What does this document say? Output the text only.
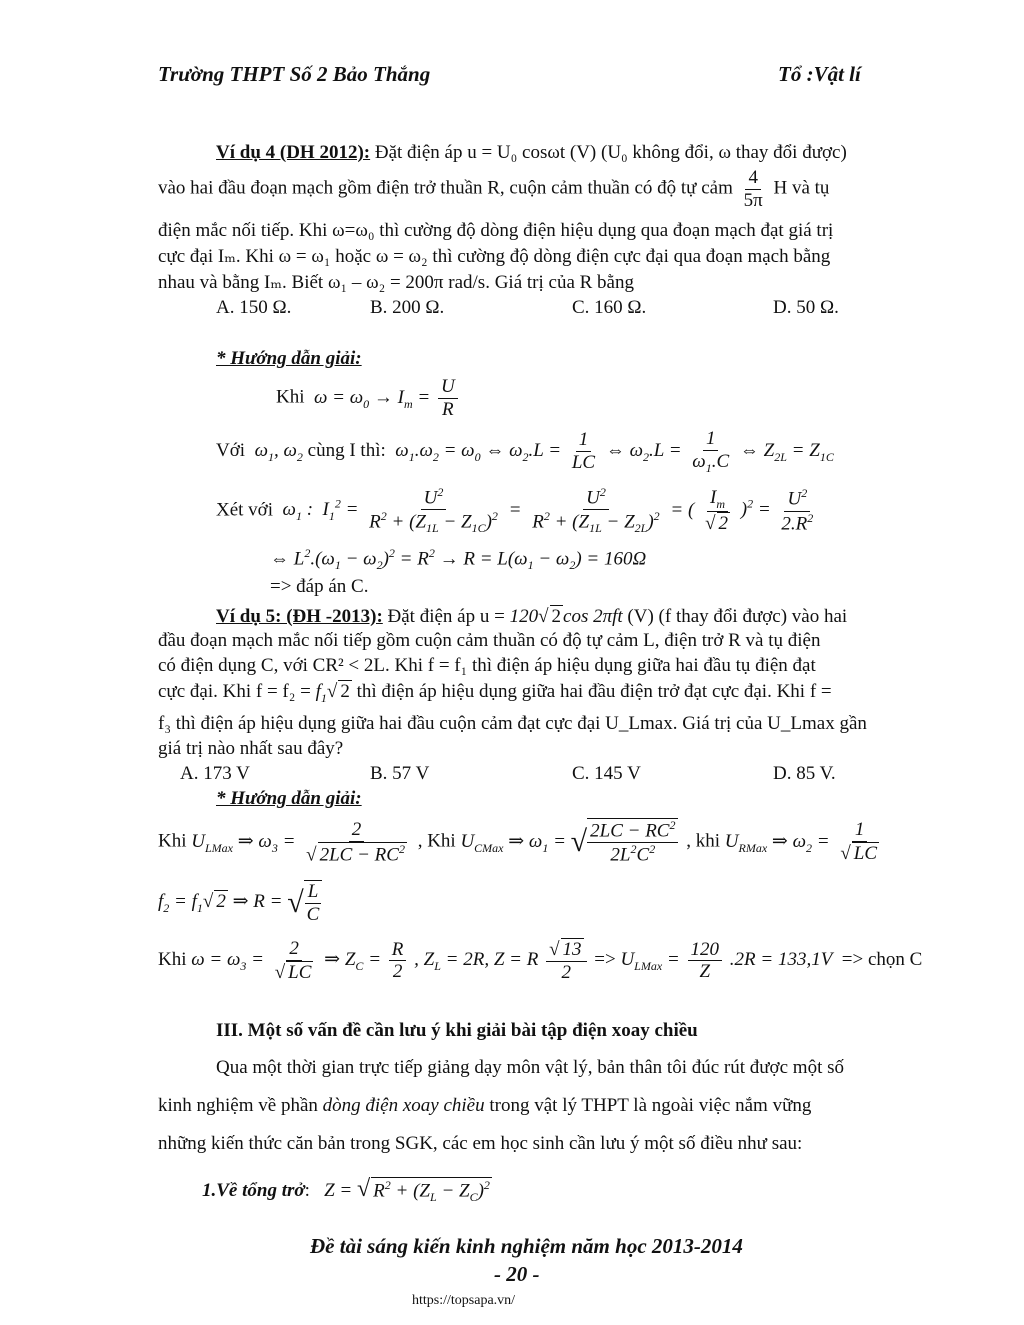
Trường THPT Số 2 Bảo Thắng	Tổ :Vật lí
Ví dụ 4 (DH 2012): Đặt điện áp u = U₀ cosωt (V) (U₀ không đổi, ω thay đổi được)
vào hai đầu đoạn mạch gồm điện trở thuần R, cuộn cảm thuần có độ tự cảm $\frac{4}{5\pi}$ H và tụ
điện mắc nối tiếp. Khi ω=ω₀ thì cường độ dòng điện hiệu dụng qua đoạn mạch đạt giá trị
cực đại Iₘ. Khi ω = ω₁ hoặc ω = ω₂ thì cường độ dòng điện cực đại qua đoạn mạch bằng
nhau và bằng Iₘ. Biết ω₁ – ω₂ = 200π rad/s. Giá trị của R bằng
A. 150 Ω.	B. 200 Ω.	C. 160 Ω.	D. 50 Ω.
* Hướng dẫn giải:
Khi  $\omega = \omega_0 \to I_m = \frac{U}{R}$
Với  $\omega_1$, $\omega_2$ cùng I thì:  $\omega_1.\omega_2 = \omega_0$ ⇔ $\omega_2.L = \frac{1}{LC}$ ⇔ $\omega_2.L = \frac{1}{\omega_1.C}$ ⇔ $Z_{2L} = Z_{1C}$
Xét với  $\omega_1$ :  $I_1^2 = \frac{U^2}{R^2 + (Z_{1L} - Z_{1C})^2} = \frac{U^2}{R^2 + (Z_{1L} - Z_{2L})^2}$ = ( $\frac{I_m}{√ 2} )^2 = \frac{U^2}{2.R^2}$
⇔ $L^2.(\omega_1 - \omega_2)^2 = R^2 \to R = L(\omega_1 - \omega_2) = 160\Omega$
=> đáp án C.
Ví dụ 5: (ĐH -2013): Đặt điện áp u = 120√ 2 cos 2πft (V) (f thay đổi được) vào hai
đầu đoạn mạch mắc nối tiếp gồm cuộn cảm thuần có độ tự cảm L, điện trở R và tụ điện
có điện dụng C, với CR² < 2L. Khi f = f₁ thì điện áp hiệu dụng giữa hai đầu tụ điện đạt
cực đại. Khi $f = f_2 = f_1√$ 2 thì điện áp hiệu dụng giữa hai đầu điện trở đạt cực đại. Khi f =
f₃ thì điện áp hiệu dụng giữa hai đầu cuộn cảm đạt cực đại U_Lmax. Giá trị của U_Lmax gần
giá trị nào nhất sau đây?
A. 173 V	B. 57 V	C. 145 V	D. 85 V.
* Hướng dẫn giải:
Khi $U_{LMax}$ ⇒ $\omega_3 = \frac{2}{√ 2LC - RC^2}$ , Khi $U_{CMax}$ ⇒ $\omega_1$ = √ $\frac{2LC - RC^2}{2L^2C^2}$ , khi $U_{RMax}$ ⇒ $\omega_2 = \frac{1}{√ LC}$
$f_2 = f_1√$ 2 ⇒ R = √ $\frac{L}{C}$
Khi $\omega = \omega_3 = \frac{2}{√ LC}$ ⇒ $Z_C = \frac{R}{2}$ , $Z_L = 2R$, Z = R $\frac{√ 13}{2} => U_{LMax} = \frac{120}{Z} .2R = 133,1V$ => chọn C
III. Một số vấn đề cần lưu ý khi giải bài tập điện xoay chiều
Qua một thời gian trực tiếp giảng dạy môn vật lý, bản thân tôi đúc rút được một số
kinh nghiệm về phần dòng điện xoay chiều trong vật lý THPT là ngoài việc nắm vững
những kiến thức căn bản trong SGK, các em học sinh cần lưu ý một số điều như sau:
1.Về tổng trở:   Z = √ $R^2 + (Z_L - Z_C)^2$
Đề tài sáng kiến kinh nghiệm năm học 2013-2014
- 20 -
https://topsapa.vn/
